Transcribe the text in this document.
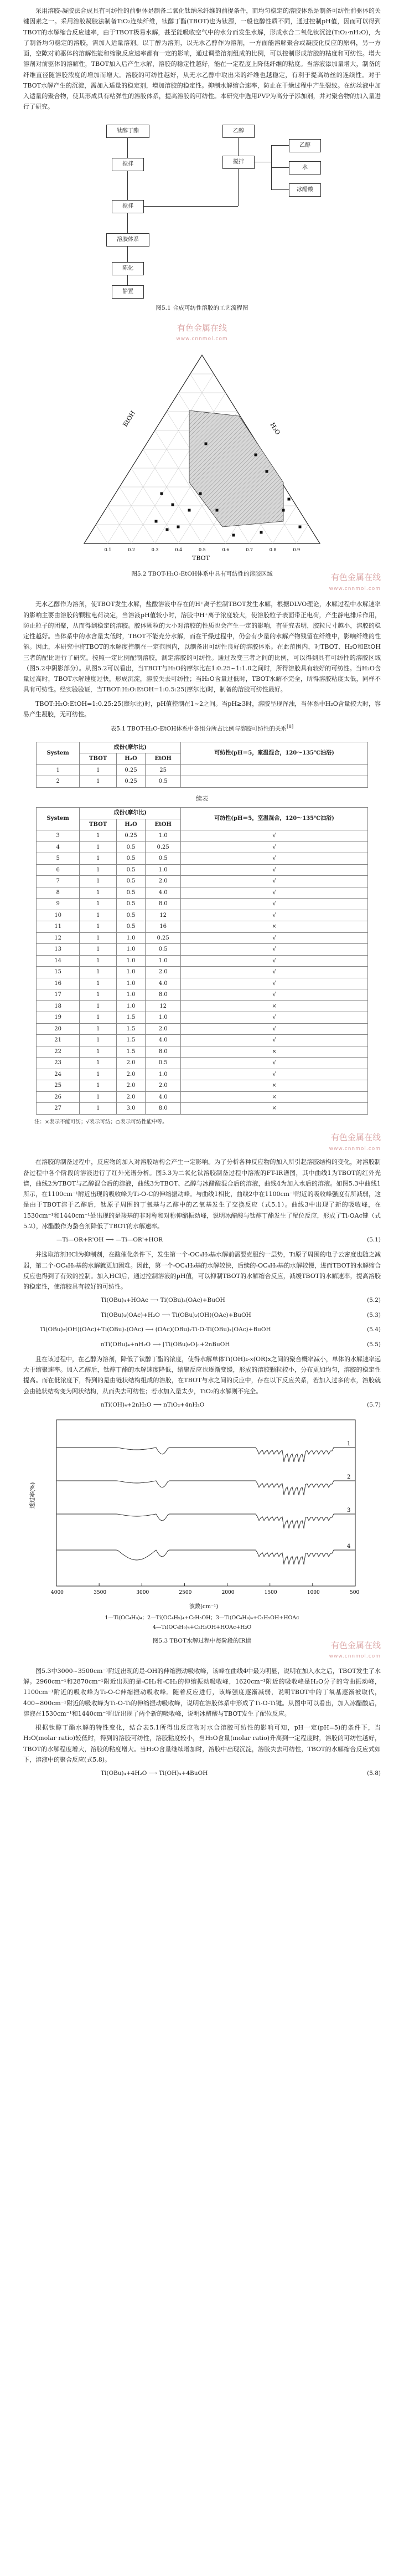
采用溶胶-凝胶法合成具有可纺性的前驱体是制备二氧化钛纳米纤维的前提条件，而均匀稳定的溶胶体系是制备可纺性前驱体的关键因素之一。采用溶胶凝胶法制备TiO₂连续纤维，钛醇丁酯(TBOT)也为钛源，一般也醇性质不同，通过控制pH值，因而可以得到TBOT的水解缩合反应速率，由于TBOT极易水解，甚至能吸收空气中的水分而发生水解，形成水合二氧化钛沉淀(TiO₂·nH₂O)，为了制备均匀稳定的溶胶，需加入适量溶剂。以丁醇为溶剂，以无水乙醇作为溶剂，一方面能溶解聚合或凝胶化反应的原料，另一方面，空隙对前驱体的溶解性能和缩聚反应速率都有一定的影响，通过调整溶剂组成的比例，可以控制形成溶胶的粘度和可纺性。增大溶剂对前驱体的溶解性，TBOT加入后产生水解，溶胶的稳定性越好，能在一定程度上降低纤维的粘度。当溶液添加量增大，制备的纤维直径随溶胶浓度的增加而增大。溶胶的可纺性越好，从无水乙醇中取出来的纤维也越稳定，有利于提高纺丝的连续性。对于TBOT水解产生的沉淀，需加入适量的稳定剂，增加溶胶的稳定性。抑制水解缩合速率，防止在干燥过程中产生裂纹。在纺丝液中加入适量的聚合物，使其形成具有粘弹性的溶胶体系，提高溶胶的可纺性。本研究中选用PVP为高分子添加剂，并对聚合物的加入量进行了研究。

钛醇丁酯	乙醇
搅拌	搅拌
乙醇
水
冰醋酸
搅拌
溶胶体系
陈化
静置
图5.1 合成可纺性溶胶的工艺流程图
有色金属在线
www.cnnmol.com
EtOH
H₂O
TBOT
0.1	0.2	0.3	0.4	0.5	0.6	0.7	0.8	0.9
图5.2 TBOT-H₂O-EtOH体系中具有可纺性的溶胶区域	有色金属在线
www.cnnmol.com

无水乙醇作为溶剂，使TBOT发生水解，盐酸溶液中存在的H⁺离子控制TBOT发生水解，根据DLVO理论，水解过程中水解速率的影响主要由溶胶的颗粒电荷决定，当溶液pH值较小时，溶胶中H⁺离子浓度较大，使溶胶粒子表面带正电荷，产生静电排斥作用，防止粒子的团聚，从而得到稳定的溶胶。胶体颗粒的大小对溶胶的性质也会产生一定的影响，有研究表明，胶粒尺寸越小，溶胶的稳定性越好。当体系中的水含量太低时，TBOT不能充分水解，而在干燥过程中，仍会有少量的水解产物残留在纤维中，影响纤维的性能。因此，本研究中将TBOT的水解度控制在一定范围内，以制备出可纺性良好的溶胶体系。在此范围内，对TBOT、H₂O和EtOH三者的配比进行了研究。按照一定比例配制溶胶，测定溶胶的可纺性。通过改变三者之间的比例，可以得到具有可纺性的溶胶区域（图5.2中阴影部分）。从图5.2可以看出，当TBOT与H₂O的摩尔比在1:0.25~1:1.0之间时，所得溶胶具有较好的可纺性。当H₂O含量过高时，TBOT水解速度过快，形成沉淀，溶胶失去可纺性；当H₂O含量过低时，TBOT水解不完全，所得溶胶粘度太低，同样不具有可纺性。经实验验证，当TBOT:H₂O:EtOH=1:0.5:25(摩尔比)时，制备的溶胶可纺性最好。

TBOT:H₂O:EtOH=1:0.25:25(摩尔比)时，pH值控制在1~2之间。当pH≥3时，溶胶呈现浑浊，当体系中H₂O含量较大时，容易产生凝胶，无可纺性。

表5.1 TBOT-H₂O-EtOH体系中各组分所占比例与溶胶可纺性的关系[8]
System	成份(摩尔比)			可纺性(pH＝5，室温混合，120～135℃油浴)
	TBOT	H₂O	EtOH	
1	1	0.25	25	
2	1	0.25	0.5	
续表
System	成份(摩尔比)			可纺性(pH＝5，室温混合，120～135℃油浴)
	TBOT	H₂O	EtOH	
3	1	0.25	1.0	√
4	1	0.5	0.25	√
5	1	0.5	0.5	√
6	1	0.5	1.0	√
7	1	0.5	2.0	√
8	1	0.5	4.0	√
9	1	0.5	8.0	√
10	1	0.5	12	√
11	1	0.5	16	×
12	1	1.0	0.25	√
13	1	1.0	0.5	√
14	1	1.0	1.0	√
15	1	1.0	2.0	√
16	1	1.0	4.0	√
17	1	1.0	8.0	√
18	1	1.0	12	×
19	1	1.5	1.0	√
20	1	1.5	2.0	√
21	1	1.5	4.0	√
22	1	1.5	8.0	×
23	1	2.0	0.5	√
24	1	2.0	1.0	√
25	1	2.0	2.0	×
26	1	2.0	4.0	×
27	1	3.0	8.0	×
注：×表示不能可纺；√表示可纺；○表示可纺性能中等。
有色金属在线
www.cnnmol.com

在溶胶的制备过程中，反应物的加入对溶胶结构会产生一定影响。为了分析各种反应物的加入所引起溶胶结构的变化，对溶胶制备过程中各个阶段的溶液进行了红外光谱分析。图5.3为二氧化钛溶胶制备过程中溶液的FT-IR谱图，其中曲线1为TBOT的红外光谱，曲线2为TBOT与乙醇混合后的溶液，曲线3为TBOT、乙醇与冰醋酸混合后的溶液，曲线4为加入水后的溶液。如图5.3中曲线1所示，在1100cm⁻¹附近出现的吸收峰为Ti-O-C的伸缩振动峰。与曲线1相比，曲线2中在1100cm⁻¹附近的吸收峰强度有所减弱，这是由于TBOT溶于乙醇后，钛原子周围的丁氧基与乙醇中的乙氧基发生了交换反应（式5.1）。曲线3中出现了新的吸收峰，在1530cm⁻¹和1440cm⁻¹处出现的是羧基的非对称和对称伸缩振动峰，说明冰醋酸与钛醇丁酯发生了配位反应，形成了Ti-OAc键（式5.2），冰醋酸作为螯合剂降低了TBOT的水解速率。

—Ti—OR+R'OH ⟶ —Ti—OR'+HOR	(5.1)

并选取溶剂HCl为抑制剂，在酸催化条件下，发生第一个-OC₄H₉基水解前需要克服约一层势，Ti原子周围的电子云密度也随之减弱，第二个-OC₄H₉基的水解就更加困难。因此，第一个-OC₄H₉基的水解较快，后续的-OC₄H₉基的水解较慢，进而TBOT的水解缩合反应也得到了有效的控制。加入HCl后，通过控制溶液的pH值，可以抑制TBOT的水解缩合反应，减缓TBOT的水解速率，提高溶胶的稳定性，使溶胶具有较好的可纺性。

Ti(OBu)₄+HOAc ⟶ Ti(OBu)₃(OAc)+BuOH	(5.2)
Ti(OBu)₃(OAc)+H₂O ⟶ Ti(OBu)₂(OH)(OAc)+BuOH	(5.3)
Ti(OBu)₂(OH)(OAc)+Ti(OBu)₃(OAc) ⟶ (OAc)(OBu)₂Ti-O-Ti(OBu)₂(OAc)+BuOH	(5.4)
nTi(OBu)₄+nH₂O ⟶ [Ti(OBu)₂O]ₙ+2nBuOH	(5.5)

且在该过程中，在乙醇为溶剂，降低了钛醇丁酯的浓度，使得水解单体Ti(OH)₄-x(OR)x之间的聚合概率减小，单体的水解速率远大于缩聚速率。加入乙醇后，钛醇丁酯的水解速度降低，缩聚反应也逐渐变缓，形成的溶胶颗粒较小，分布更加均匀，溶胶的稳定性提高。而在低浓度下，得到的是由链状结构组成的溶胶，在TBOT与水之间的反应中，存在以下反应关系，若加入过多的水，溶胶就会由链状结构变为网状结构，从而失去可纺性；若水加入量太少，TiO₂的水解则不完全。

nTi(OH)₄+2nH₂O ⟶ nTiO₂+4nH₂O	(5.7)
透过率(%)
波数(cm⁻¹)
4000	3500	3000	2500	2000	1500	1000	500
1
2
3
4
1—Ti(OC₄H₉)₄；2—Ti(OC₄H₉)₄+C₂H₅OH；3—Ti(OC₄H₉)₄+C₂H₅OH+HOAc
4—Ti(OC₄H₉)₄+C₂H₅OH+HOAc+H₂O
图5.3 TBOT水解过程中每阶段的IR谱	有色金属在线
www.cnnmol.com

图5.3中3000~3500cm⁻¹附近出现的是-OH的伸缩振动吸收峰，该峰在曲线4中最为明显，说明在加入水之后，TBOT发生了水解。2960cm⁻¹和2870cm⁻¹附近出现的是-CH₃和-CH₂的伸缩振动吸收峰，1620cm⁻¹附近的吸收峰是H₂O分子的弯曲振动峰，1100cm⁻¹附近的吸收峰为Ti-O-C伸缩振动吸收峰。随着反应进行，该峰强度逐渐减弱，说明TBOT中的丁氧基逐渐被取代，400~800cm⁻¹附近的吸收峰为Ti-O-Ti的伸缩振动吸收峰，说明在溶胶体系中形成了Ti-O-Ti键。从图中可以看出，加入冰醋酸后，溶液在1530cm⁻¹和1440cm⁻¹附近出现了两个新的吸收峰，说明冰醋酸与TBOT发生了配位反应。

根据钛醇丁酯水解的特性变化，结合表5.1所得出反应物对水合溶胶可纺性的影响可知，pH一定(pH=5)的条件下，当H₂O(molar ratio)较低时，得到的溶胶可纺性，溶胶粘度较小，当H₂O含量(molar ratio)升高到一定程度时，溶胶的可纺性越好，TBOT的水解程度增大，溶胶的粘度增大。当H₂O含量继续增加时，溶胶中出现沉淀，溶胶失去可纺性，TBOT的水解缩合反应式如下，溶液中的聚合反应(式5.8)。

Ti(OBu)₄+4H₂O ⟶ Ti(OH)₄+4BuOH	(5.8)
